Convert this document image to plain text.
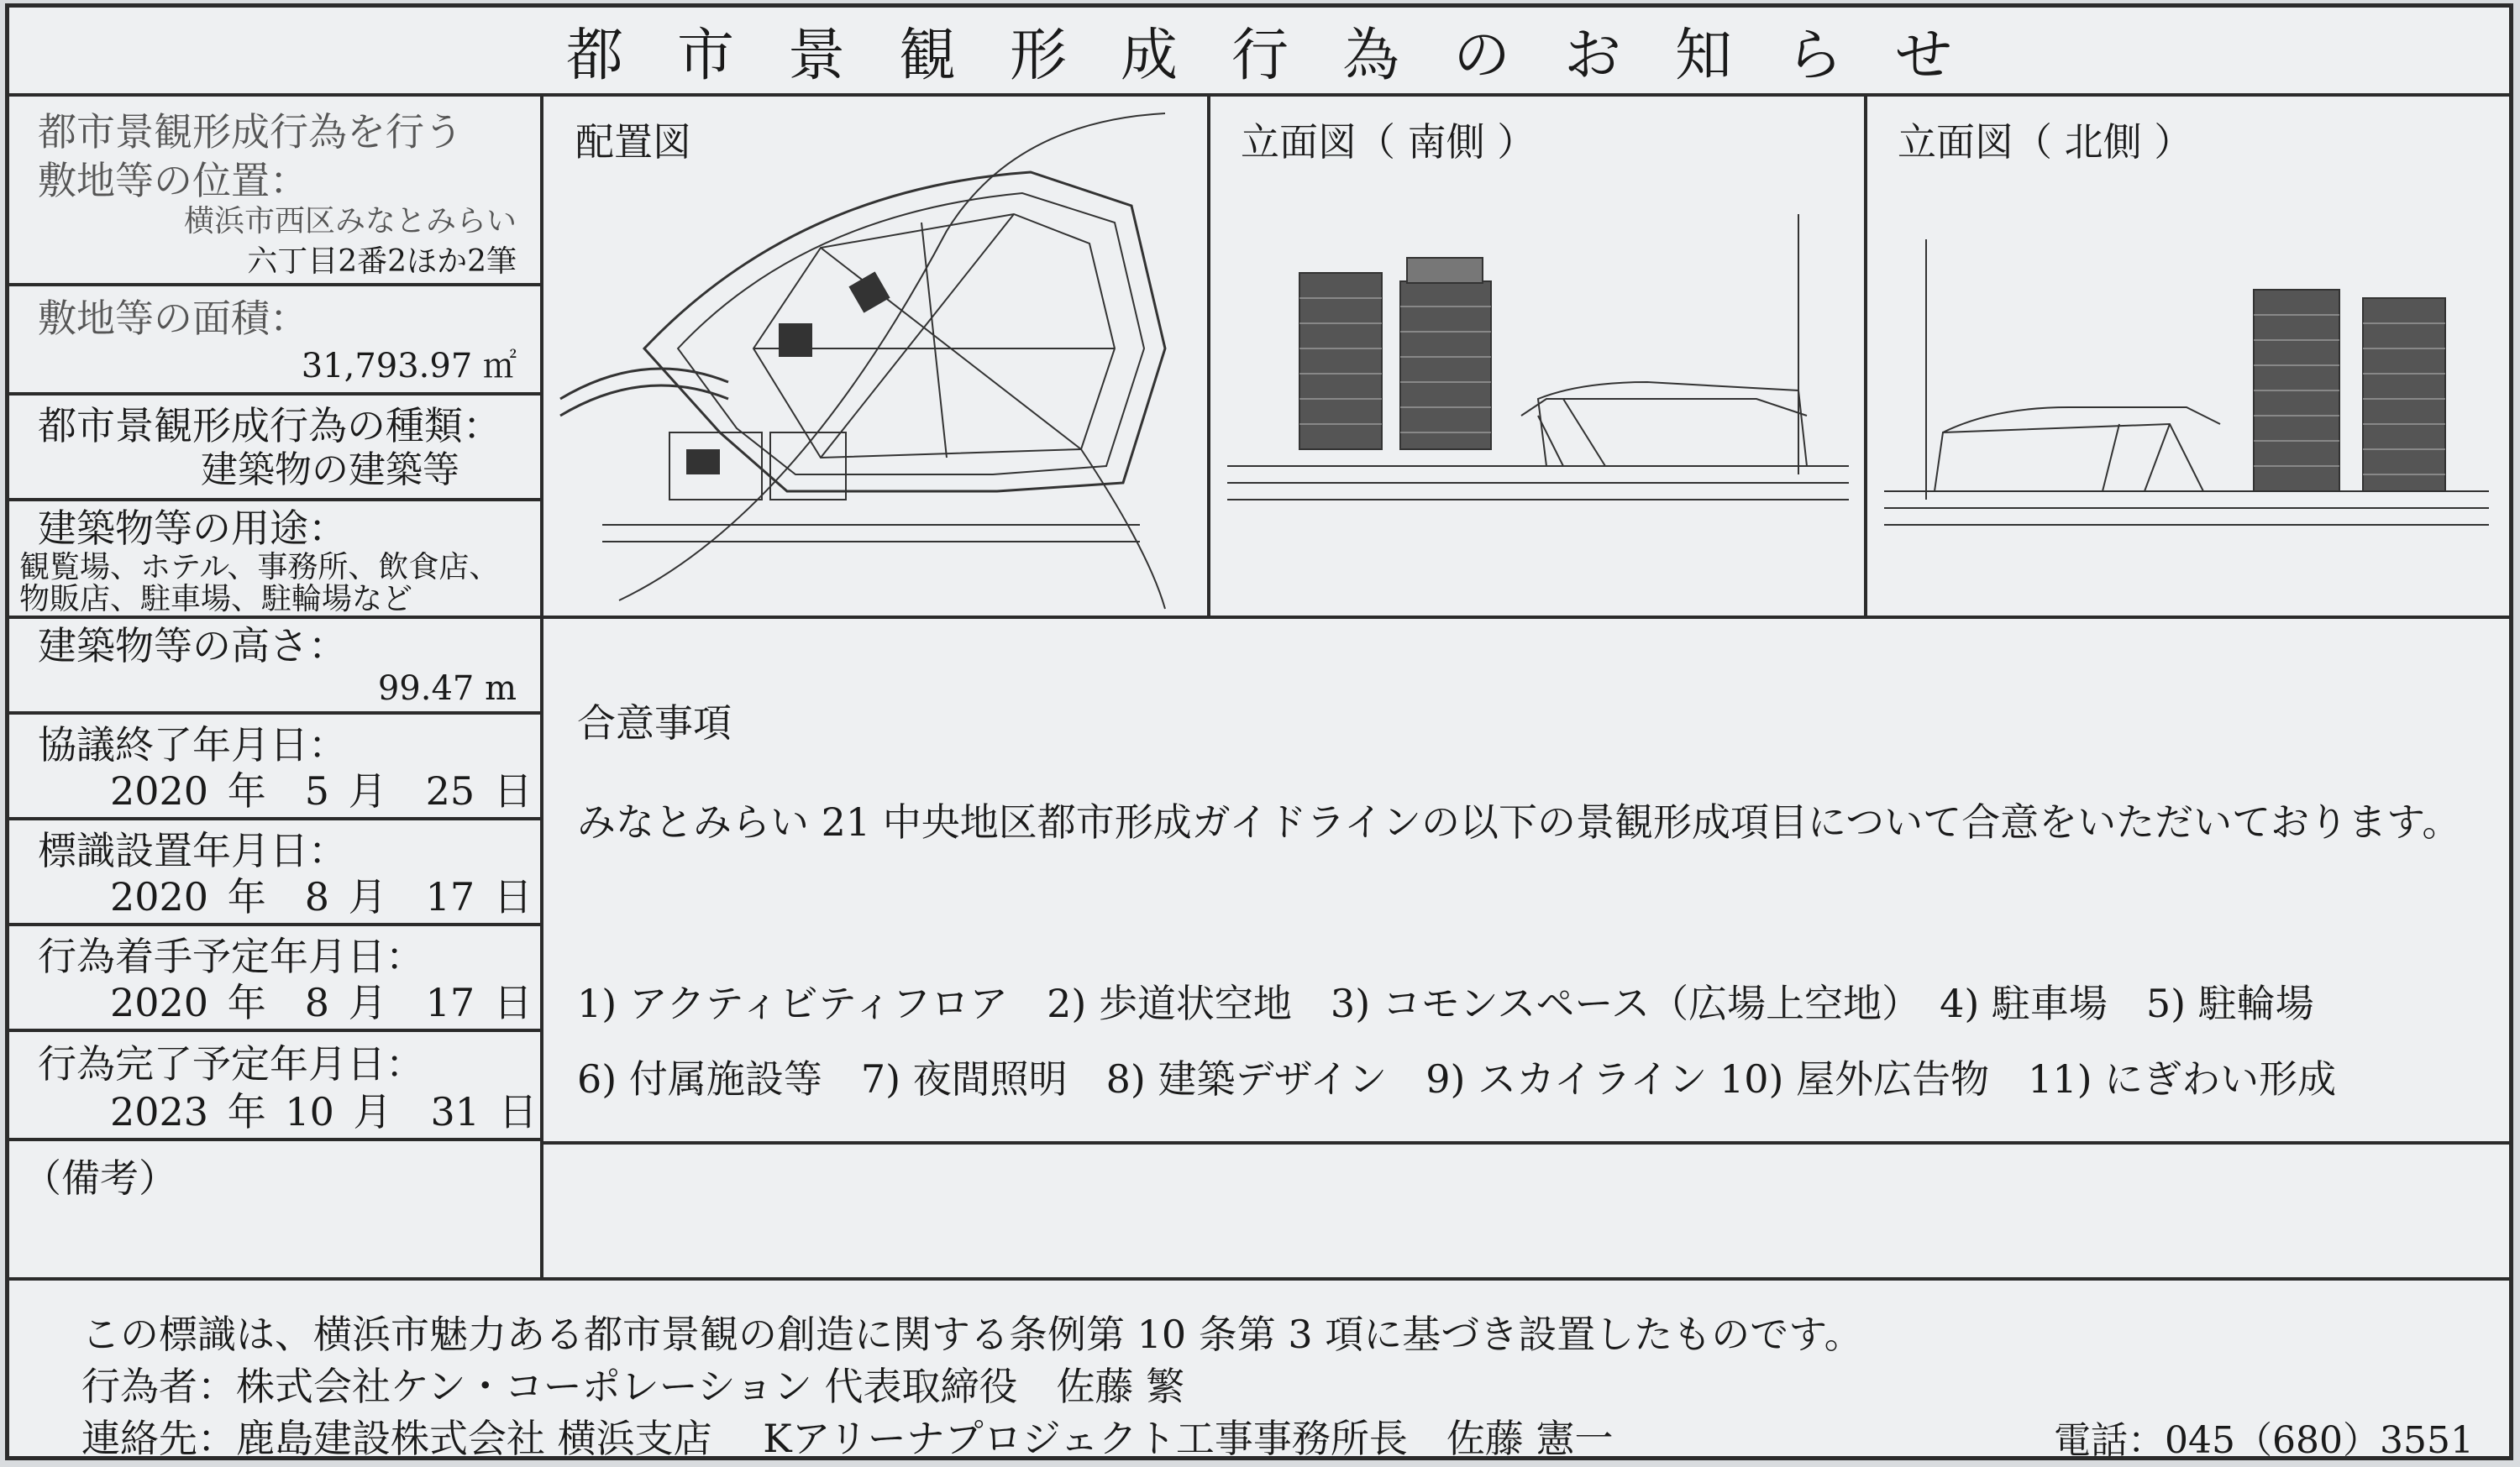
都市景観形成行為のお知らせ
都市景観形成行為を行う
敷地等の位置：
横浜市西区みなとみらい
六丁目2番2ほか2筆
敷地等の面積：
31,793.97 ㎡
都市景観形成行為の種類：
建築物の建築等
建築物等の用途：
観覧場、ホテル、事務所、飲食店、
物販店、駐車場、駐輪場など
建築物等の高さ：
99.47 m
協議終了年月日：
2020 年　5 月　25 日
標識設置年月日：
2020 年　8 月　17 日
行為着手予定年月日：
2020 年　8 月　17 日
行為完了予定年月日：
2023 年 10 月　31 日
（備考）
配置図	立面図（ 南側 ）	立面図（ 北側 ）
合意事項
みなとみらい 21 中央地区都市形成ガイドラインの以下の景観形成項目について合意をいただいております。
1) アクティビティフロア　2) 歩道状空地　3) コモンスペース（広場上空地）　4) 駐車場　5) 駐輪場
6) 付属施設等　7) 夜間照明　8) 建築デザイン　9) スカイライン 10) 屋外広告物　11) にぎわい形成
この標識は、横浜市魅力ある都市景観の創造に関する条例第 10 条第 3 項に基づき設置したものです。
行為者：株式会社ケン・コーポレーション 代表取締役　佐藤 繁
連絡先：鹿島建設株式会社 横浜支店　 Kアリーナプロジェクト工事事務所長　佐藤 憲一	電話：045（680）3551
